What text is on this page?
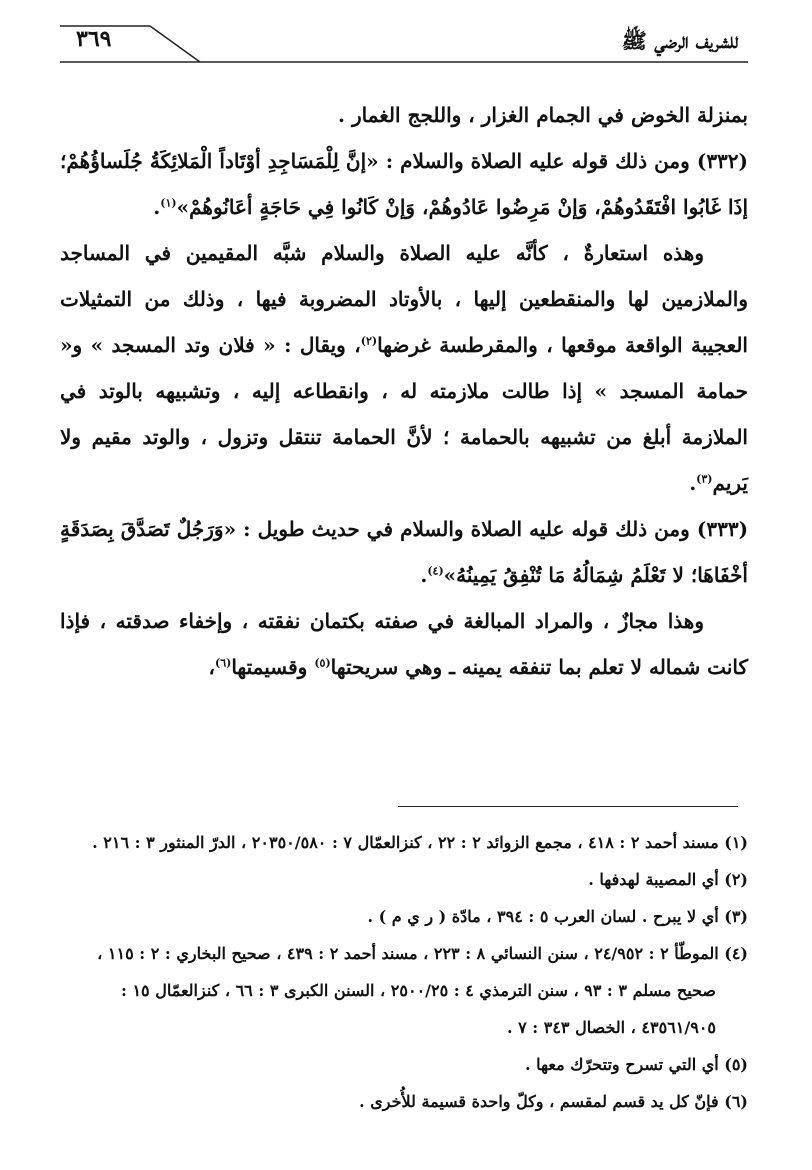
٣٦٩	للشريف الرضي ﷺ

بمنزلة الخوض في الجمام الغزار ، واللجج الغمار .

(٣٣٢) ومن ذلك قوله عليه الصلاة والسلام : «إنَّ لِلْمَسَاجِدِ أوْتَاداً الْمَلائِكَةُ جُلَساؤُهُمْ؛ إذَا غَابُوا افْتَقَدُوهُمْ، وَإنْ مَرِضُوا عَادُوهُمْ، وَإنْ كَانُوا فِي حَاجَةٍ أعَانُوهُمْ»$^{(١)}$.

وهذه استعارةٌ ، كأنَّه عليه الصلاة والسلام شبَّه المقيمين في المساجد والملازمين لها والمنقطعين إليها ، بالأوتاد المضروبة فيها ، وذلك من التمثيلات العجيبة الواقعة موقعها ، والمقرطسة غرضها$^{(٢)}$، ويقال : « فلان وتد المسجد » و« حمامة المسجد » إذا طالت ملازمته له ، وانقطاعه إليه ، وتشبيهه بالوتد في الملازمة أبلغ من تشبيهه بالحمامة ؛ لأنَّ الحمامة تنتقل وتزول ، والوتد مقيم ولا يَريم$^{(٣)}$.

(٣٣٣) ومن ذلك قوله عليه الصلاة والسلام في حديث طويل : «وَرَجُلٌ تَصَدَّقَ بِصَدَقَةٍ أخْفَاهَا؛ لا تَعْلَمُ شِمَالُهُ مَا تُنْفِقُ يَمِينُهُ»$^{(٤)}$.

وهذا مجازٌ ، والمراد المبالغة في صفته بكتمان نفقته ، وإخفاء صدقته ، فإذا كانت شماله لا تعلم بما تنفقه يمينه ـ وهي سريحتها$^{(٥)}$ وقسيمتها$^{(٦)}$،

(١) مسند أحمد ٢ : ٤١٨ ، مجمع الزوائد ٢ : ٢٢ ، كنزالعمّال ٧ : ٢٠٣٥٠/٥٨٠ ، الدرّ المنثور ٣ : ٢١٦ .

(٢) أي المصيبة لهدفها .

(٣) أي لا يبرح . لسان العرب ٥ : ٣٩٤ ، مادّة ( ر ي م ) .

(٤) الموطّأ ٢ : ٢٤/٩٥٢ ، سنن النسائي ٨ : ٢٢٣ ، مسند أحمد ٢ : ٤٣٩ ، صحيح البخاري : ٢ : ١١٥ ،

صحيح مسلم ٣ : ٩٣ ، سنن الترمذي ٤ : ٢٥٠٠/٢٥ ، السنن الكبرى ٣ : ٦٦ ، كنزالعمّال ١٥ :

٤٣٥٦١/٩٠٥ ، الخصال ٣٤٣ : ٧ .

(٥) أي التي تسرح وتتحرّك معها .

(٦) فإنّ كل يد قسم لمقسم ، وكلّ واحدة قسيمة للأُخرى .
